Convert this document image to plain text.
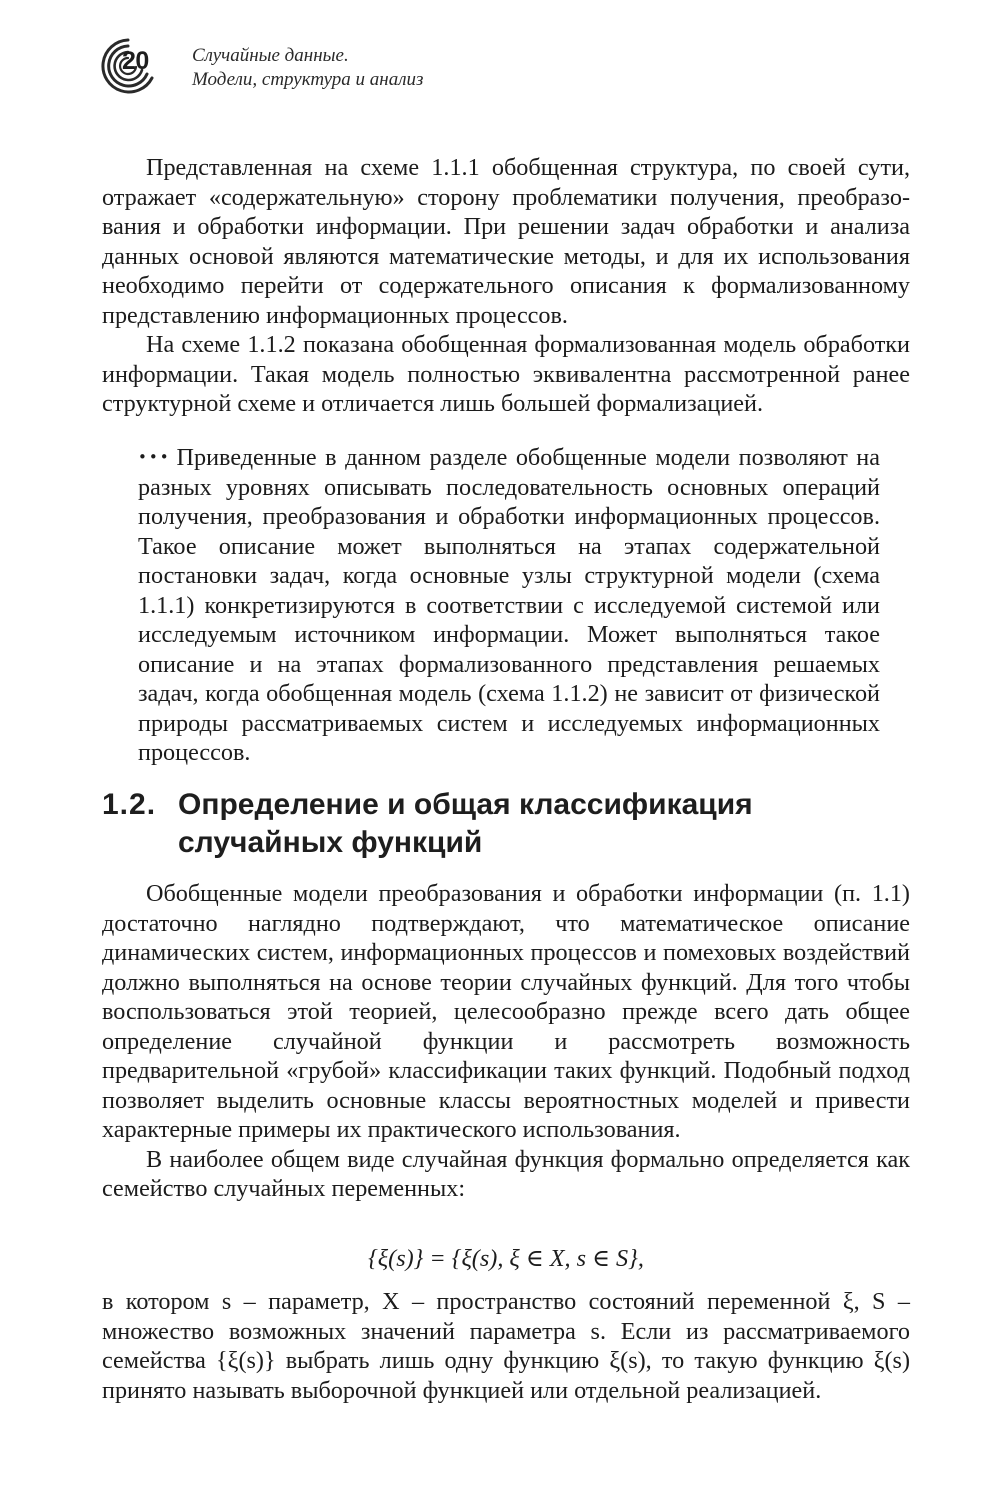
20 Случайные данные.
Модели, структура и анализ

Представленная на схеме 1.1.1 обобщенная структура, по своей сути, отражает «содержательную» сторону проблематики получения, преобразования и обработки информации. При решении задач обработки и анализа данных основой являются математические методы, и для их использования необходимо перейти от содержательного описания к формализованному представлению информационных процессов.

На схеме 1.1.2 показана обобщенная формализованная модель обработки информации. Такая модель полностью эквивалентна рассмотренной ранее структурной схеме и отличается лишь большей формализацией.

••• Приведенные в данном разделе обобщенные модели позволяют на разных уровнях описывать последовательность основных операций получения, преобразования и обработки информационных процессов. Такое описание может выполняться на этапах содержательной постановки задач, когда основные узлы структурной модели (схема 1.1.1) конкретизируются в соответствии с исследуемой системой или исследуемым источником информации. Может выполняться такое описание и на этапах формализованного представления решаемых задач, когда обобщенная модель (схема 1.1.2) не зависит от физической природы рассматриваемых систем и исследуемых информационных процессов.
1.2. Определение и общая классификация случайных функций

Обобщенные модели преобразования и обработки информации (п. 1.1) достаточно наглядно подтверждают, что математическое описание динамических систем, информационных процессов и помеховых воздействий должно выполняться на основе теории случайных функций. Для того чтобы воспользоваться этой теорией, целесообразно прежде всего дать общее определение случайной функции и рассмотреть возможность предварительной «грубой» классификации таких функций. Подобный подход позволяет выделить основные классы вероятностных моделей и привести характерные примеры их практического использования.

В наиболее общем виде случайная функция формально определяется как семейство случайных переменных:

{ξ(s)} = {ξ(s), ξ ∈ X, s ∈ S},

в котором s – параметр, X – пространство состояний переменной ξ, S – множество возможных значений параметра s. Если из рассматриваемого семейства {ξ(s)} выбрать лишь одну функцию ξ(s), то такую функцию ξ(s) принято называть выборочной функцией или отдельной реализацией.
